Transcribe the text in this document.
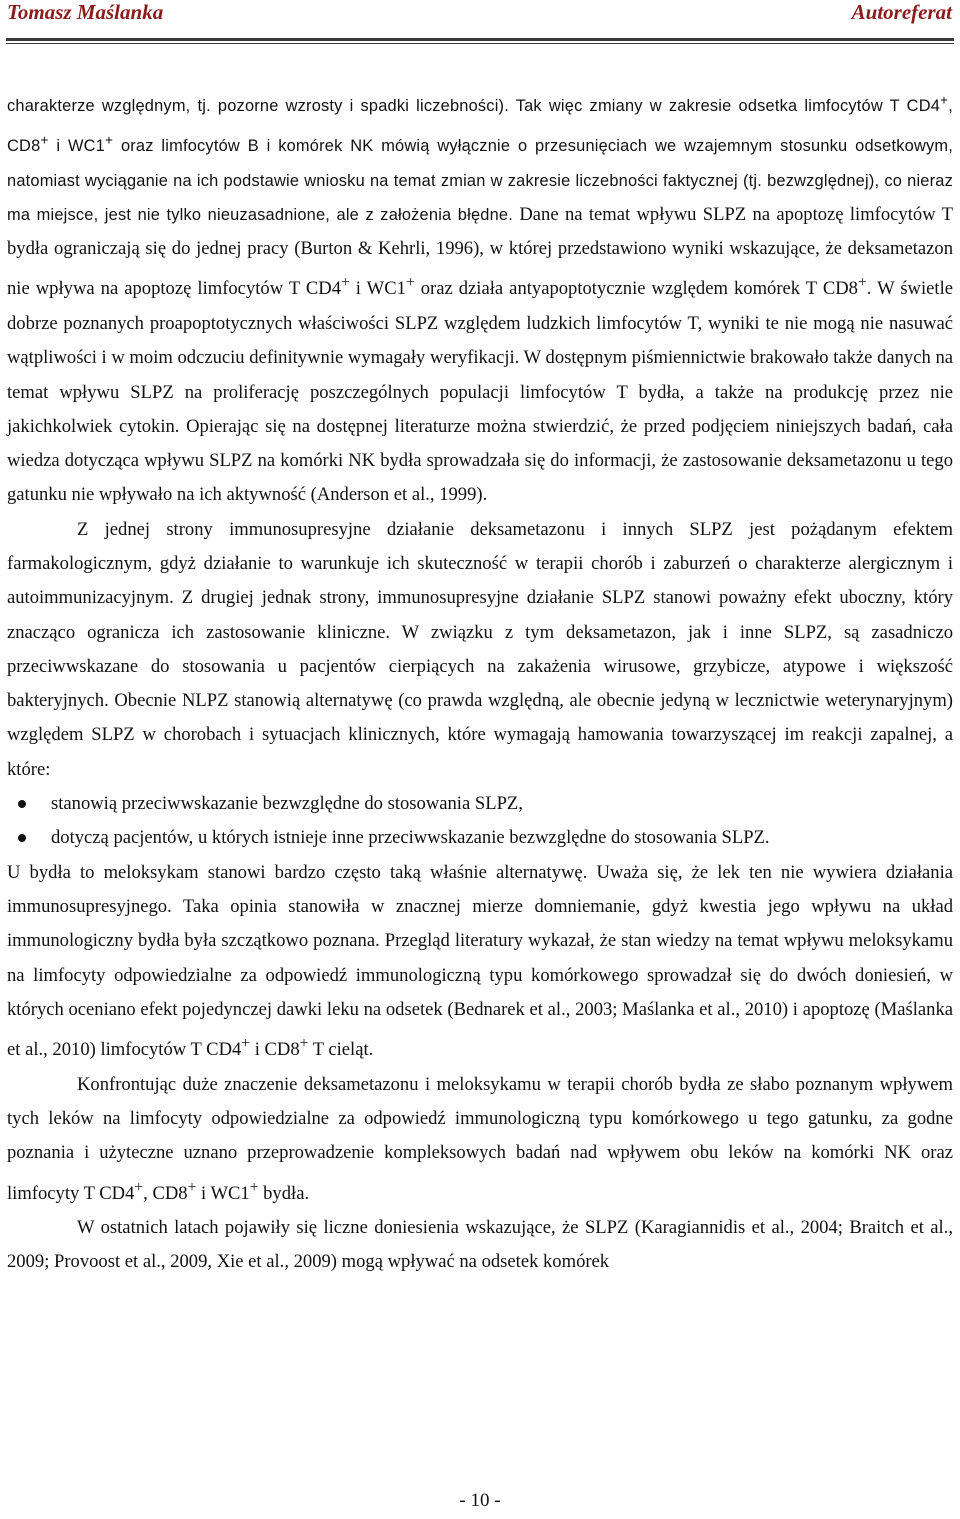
Tomasz Maślanka	Autoreferat

charakterze względnym, tj. pozorne wzrosty i spadki liczebności). Tak więc zmiany w zakresie odsetka limfocytów T CD4+, CD8+ i WC1+ oraz limfocytów B i komórek NK mówią wyłącznie o przesunięciach we wzajemnym stosunku odsetkowym, natomiast wyciąganie na ich podstawie wniosku na temat zmian w zakresie liczebności faktycznej (tj. bezwzględnej), co nieraz ma miejsce, jest nie tylko nieuzasadnione, ale z założenia błędne. Dane na temat wpływu SLPZ na apoptozę limfocytów T bydła ograniczają się do jednej pracy (Burton & Kehrli, 1996), w której przedstawiono wyniki wskazujące, że deksametazon nie wpływa na apoptozę limfocytów T CD4+ i WC1+ oraz działa antyapoptotycznie względem komórek T CD8+. W świetle dobrze poznanych proapoptotycznych właściwości SLPZ względem ludzkich limfocytów T, wyniki te nie mogą nie nasuwać wątpliwości i w moim odczuciu definitywnie wymagały weryfikacji. W dostępnym piśmiennictwie brakowało także danych na temat wpływu SLPZ na proliferację poszczególnych populacji limfocytów T bydła, a także na produkcję przez nie jakichkolwiek cytokin. Opierając się na dostępnej literaturze można stwierdzić, że przed podjęciem niniejszych badań, cała wiedza dotycząca wpływu SLPZ na komórki NK bydła sprowadzała się do informacji, że zastosowanie deksametazonu u tego gatunku nie wpływało na ich aktywność (Anderson et al., 1999).

Z jednej strony immunosupresyjne działanie deksametazonu i innych SLPZ jest pożądanym efektem farmakologicznym, gdyż działanie to warunkuje ich skuteczność w terapii chorób i zaburzeń o charakterze alergicznym i autoimmunizacyjnym. Z drugiej jednak strony, immunosupresyjne działanie SLPZ stanowi poważny efekt uboczny, który znacząco ogranicza ich zastosowanie kliniczne. W związku z tym deksametazon, jak i inne SLPZ, są zasadniczo przeciwwskazane do stosowania u pacjentów cierpiących na zakażenia wirusowe, grzybicze, atypowe i większość bakteryjnych. Obecnie NLPZ stanowią alternatywę (co prawda względną, ale obecnie jedyną w lecznictwie weterynaryjnym) względem SLPZ w chorobach i sytuacjach klinicznych, które wymagają hamowania towarzyszącej im reakcji zapalnej, a które:

stanowią przeciwwskazanie bezwzględne do stosowania SLPZ,
dotyczą pacjentów, u których istnieje inne przeciwwskazanie bezwzględne do stosowania SLPZ.

U bydła to meloksykam stanowi bardzo często taką właśnie alternatywę. Uważa się, że lek ten nie wywiera działania immunosupresyjnego. Taka opinia stanowiła w znacznej mierze domniemanie, gdyż kwestia jego wpływu na układ immunologiczny bydła była szczątkowo poznana. Przegląd literatury wykazał, że stan wiedzy na temat wpływu meloksykamu na limfocyty odpowiedzialne za odpowiedź immunologiczną typu komórkowego sprowadzał się do dwóch doniesień, w których oceniano efekt pojedynczej dawki leku na odsetek (Bednarek et al., 2003; Maślanka et al., 2010) i apoptozę (Maślanka et al., 2010) limfocytów T CD4+ i CD8+ T cieląt.

Konfrontując duże znaczenie deksametazonu i meloksykamu w terapii chorób bydła ze słabo poznanym wpływem tych leków na limfocyty odpowiedzialne za odpowiedź immunologiczną typu komórkowego u tego gatunku, za godne poznania i użyteczne uznano przeprowadzenie kompleksowych badań nad wpływem obu leków na komórki NK oraz limfocyty T CD4+, CD8+ i WC1+ bydła.

W ostatnich latach pojawiły się liczne doniesienia wskazujące, że SLPZ (Karagiannidis et al., 2004; Braitch et al., 2009; Provoost et al., 2009, Xie et al., 2009) mogą wpływać na odsetek komórek

- 10 -
